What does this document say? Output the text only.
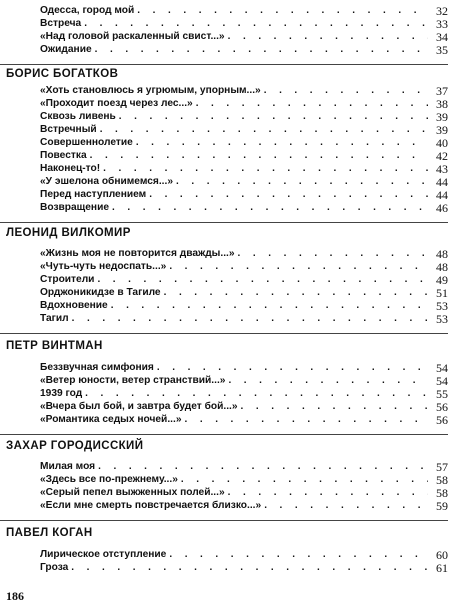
Одесса, город мой . . .	32
Встреча . . .	33
«Над головой раскаленный свист...» . . .	34
Ожидание . . .	35
БОРИС БОГАТКОВ
«Хоть становлюсь я угрюмым, упорным...» . . .	37
«Проходит поезд через лес...» . . .	38
Сквозь ливень . . .	39
Встречный . . .	39
Совершеннолетие . . .	40
Повестка . . .	42
Наконец-то! . . .	43
«У эшелона обнимемся...» . . .	44
Перед наступлением . . .	44
Возвращение . . .	46
ЛЕОНИД ВИЛКОМИР
«Жизнь моя не повторится дважды...» . . .	48
«Чуть-чуть недоспать...» . . .	48
Строители . . .	49
Орджоникидзе в Тагиле . . .	51
Вдохновение . . .	53
Тагил . . .	53
ПЕТР ВИНТМАН
Беззвучная симфония . . .	54
«Ветер юности, ветер странствий...» . . .	54
1939 год . . .	55
«Вчера был бой, и завтра будет бой...» . . .	56
«Романтика седых ночей...» . . .	56
ЗАХАР ГОРОДИССКИЙ
Милая моя . . .	57
«Здесь все по-прежнему...» . . .	58
«Серый пепел выжженных полей...» . . .	58
«Если мне смерть повстречается близко...» . . .	59
ПАВЕЛ КОГАН
Лирическое отступление . . .	60
Гроза . . .	61
186
